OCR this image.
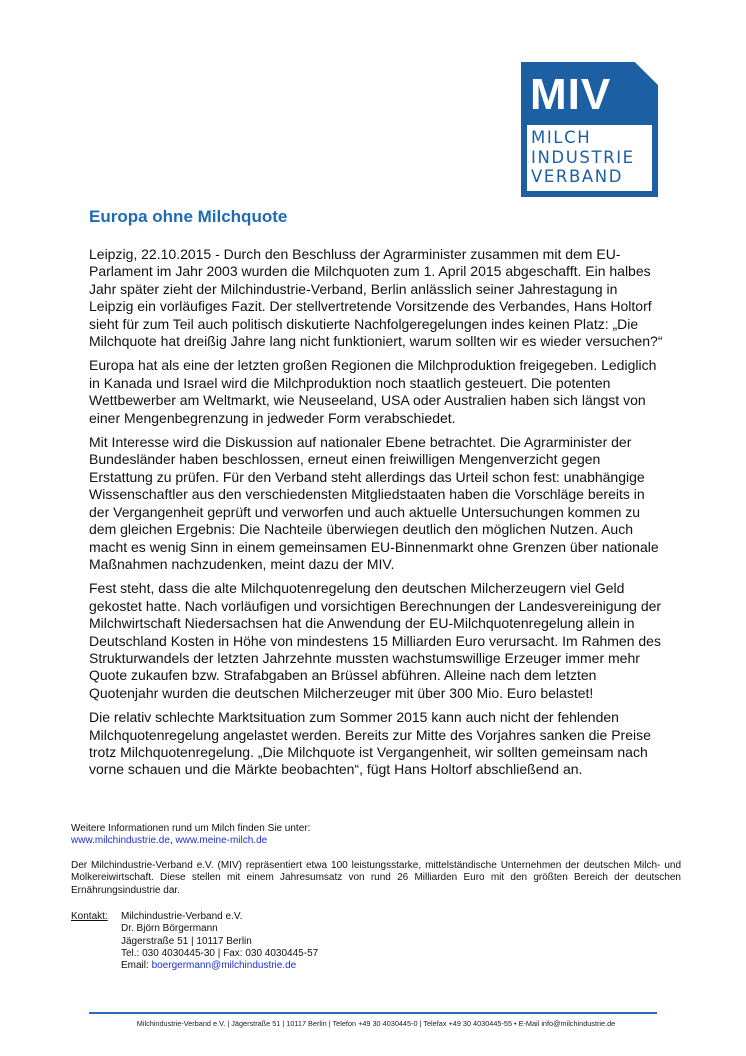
MIV
MILCH
INDUSTRIE
VERBAND
Europa ohne Milchquote

Leipzig, 22.10.2015 - Durch den Beschluss der Agrarminister zusammen mit dem EU-Parlament im Jahr 2003 wurden die Milchquoten zum 1. April 2015 abgeschafft. Ein halbes Jahr später zieht der Milchindustrie-Verband, Berlin anlässlich seiner Jahrestagung in Leipzig ein vorläufiges Fazit. Der stellvertretende Vorsitzende des Verbandes, Hans Holtorf sieht für zum Teil auch politisch diskutierte Nachfolgeregelungen indes keinen Platz: „Die Milchquote hat dreißig Jahre lang nicht funktioniert, warum sollten wir es wieder versuchen?“

Europa hat als eine der letzten großen Regionen die Milchproduktion freigegeben. Lediglich in Kanada und Israel wird die Milchproduktion noch staatlich gesteuert. Die potenten Wettbewerber am Weltmarkt, wie Neuseeland, USA oder Australien haben sich längst von einer Mengenbegrenzung in jedweder Form verabschiedet.

Mit Interesse wird die Diskussion auf nationaler Ebene betrachtet. Die Agrarminister der Bundesländer haben beschlossen, erneut einen freiwilligen Mengenverzicht gegen Erstattung zu prüfen. Für den Verband steht allerdings das Urteil schon fest: unabhängige Wissenschaftler aus den verschiedensten Mitgliedstaaten haben die Vorschläge bereits in der Vergangenheit geprüft und verworfen und auch aktuelle Untersuchungen kommen zu dem gleichen Ergebnis: Die Nachteile überwiegen deutlich den möglichen Nutzen. Auch macht es wenig Sinn in einem gemeinsamen EU-Binnenmarkt ohne Grenzen über nationale Maßnahmen nachzudenken, meint dazu der MIV.

Fest steht, dass die alte Milchquotenregelung den deutschen Milcherzeugern viel Geld gekostet hatte. Nach vorläufigen und vorsichtigen Berechnungen der Landesvereinigung der Milchwirtschaft Niedersachsen hat die Anwendung der EU-Milchquotenregelung allein in Deutschland Kosten in Höhe von mindestens 15 Milliarden Euro verursacht. Im Rahmen des Strukturwandels der letzten Jahrzehnte mussten wachstumswillige Erzeuger immer mehr Quote zukaufen bzw. Strafabgaben an Brüssel abführen. Alleine nach dem letzten Quotenjahr wurden die deutschen Milcherzeuger mit über 300 Mio. Euro belastet!

Die relativ schlechte Marktsituation zum Sommer 2015 kann auch nicht der fehlenden Milchquotenregelung angelastet werden. Bereits zur Mitte des Vorjahres sanken die Preise trotz Milchquotenregelung. „Die Milchquote ist Vergangenheit, wir sollten gemeinsam nach vorne schauen und die Märkte beobachten“, fügt Hans Holtorf abschließend an.

Weitere Informationen rund um Milch finden Sie unter:
www.milchindustrie.de, www.meine-milch.de
Der Milchindustrie-Verband e.V. (MIV) repräsentiert etwa 100 leistungsstarke, mittelständische Unternehmen der deutschen Milch- und Molkereiwirtschaft. Diese stellen mit einem Jahresumsatz von rund 26 Milliarden Euro mit den größten Bereich der deutschen Ernährungsindustrie dar.
Kontakt: Milchindustrie-Verband e.V.
Dr. Björn Börgermann
Jägerstraße 51 | 10117 Berlin
Tel.: 030 4030445-30 | Fax: 030 4030445-57
Email: boergermann@milchindustrie.de
Milchindustrie-Verband e.V. | Jägerstraße 51 | 10117 Berlin | Telefon +49 30 4030445-0 | Telefax +49 30 4030445-55 • E-Mail info@milchindustrie.de
